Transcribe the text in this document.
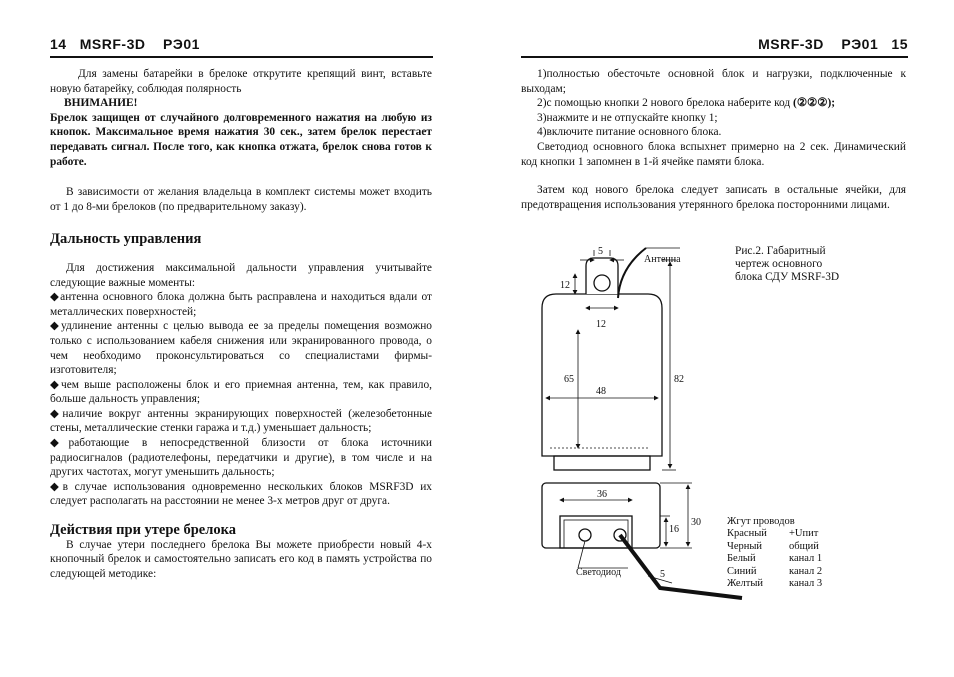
14 MSRF-3D РЭ01	MSRF-3D РЭ01 15

Для замены батарейки в брелоке открутите крепящий винт, вставьте новую батарейку, соблюдая полярность

ВНИМАНИЕ!

Брелок защищен от случайного долговременного нажатия на любую из кнопок. Максимальное время нажатия 30 сек., затем брелок перестает передавать сигнал. После того, как кнопка отжата, брелок снова готов к работе.

В зависимости от желания владельца в комплект системы может входить от 1 до 8-ми брелоков (по предварительному заказу).

Дальность управления

Для достижения максимальной дальности управления учитывайте следующие важные моменты:

◆антенна основного блока должна быть расправлена и находиться вдали от металлических поверхностей;

◆удлинение антенны с целью вывода ее за пределы помещения возможно только с использованием кабеля снижения или экранированного провода, о чем необходимо проконсультироваться со специалистами фирмы-изготовителя;

◆чем выше расположены блок и его приемная антенна, тем, как правило, больше дальность управления;

◆наличие вокруг антенны экранирующих поверхностей (железобетонные стены, металлические стенки гаража и т.д.) уменьшает дальность;

◆работающие в непосредственной близости от блока источники радиосигналов (радиотелефоны, передатчики и другие), в том числе и на других частотах, могут уменьшить дальность;

◆в случае использования одновременно нескольких блоков MSRF3D их следует располагать на расстоянии не менее 3-х метров друг от друга.

Действия при утере брелока

В случае утери последнего брелока Вы можете приобрести новый 4-х кнопочный брелок и самостоятельно записать его код в память устройства по следующей методике:

1)полностью обесточьте основной блок и нагрузки, подключенные к выходам;

2)с помощью кнопки 2 нового брелока наберите код (②②②);

3)нажмите и не отпускайте кнопку 1;

4)включите питание основного блока.

Светодиод основного блока вспыхнет примерно на 2 сек. Динамический код кнопки 1 запомнен в 1-й ячейке памяти блока.

Затем код нового брелока следует записать в остальные ячейки, для предотвращения использования утерянного брелока посторонними лицами.

Рис.2. Габаритный
чертеж основного
блока СДУ MSRF-3D
5
12
12
65
48
82
Антенна
36
16
30
Светодиод	5
Жгут проводов
Красный	+Uпит
Черный	общий
Белый	канал 1
Синий	канал 2
Желтый	канал 3
